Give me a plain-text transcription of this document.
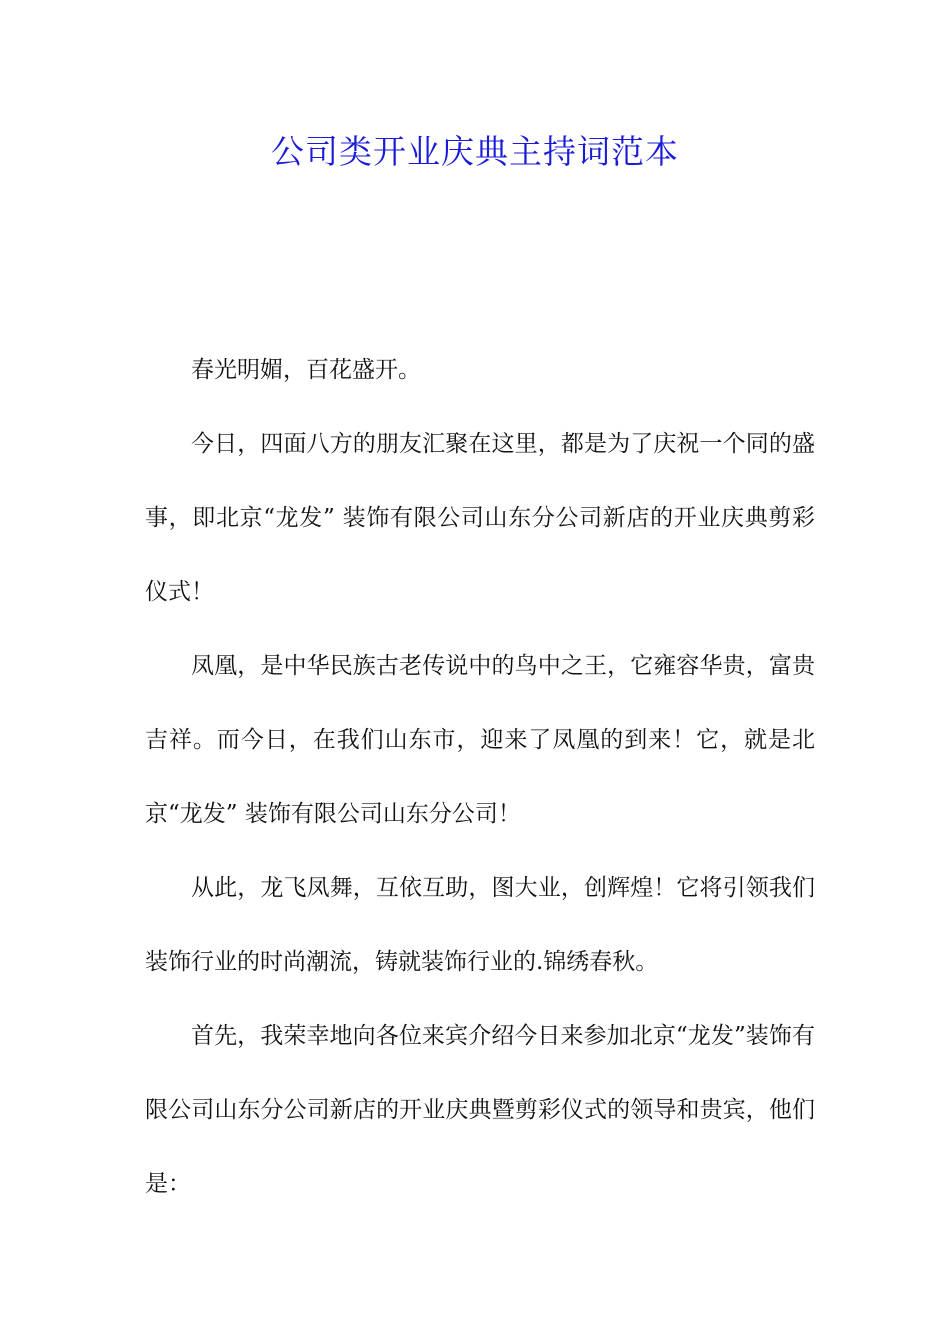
公司类开业庆典主持词范本

春光明媚，百花盛开。

今日，四面八方的朋友汇聚在这里，都是为了庆祝一个同的盛事，即北京“龙发” 装饰有限公司山东分公司新店的开业庆典剪彩仪式！

凤凰，是中华民族古老传说中的鸟中之王，它雍容华贵，富贵吉祥。而今日，在我们山东市，迎来了凤凰的到来！它，就是北京“龙发” 装饰有限公司山东分公司！

从此，龙飞凤舞，互依互助，图大业，创辉煌！它将引领我们装饰行业的时尚潮流，铸就装饰行业的.锦绣春秋。

首先，我荣幸地向各位来宾介绍今日来参加北京“龙发”装饰有限公司山东分公司新店的开业庆典暨剪彩仪式的领导和贵宾，他们是：
